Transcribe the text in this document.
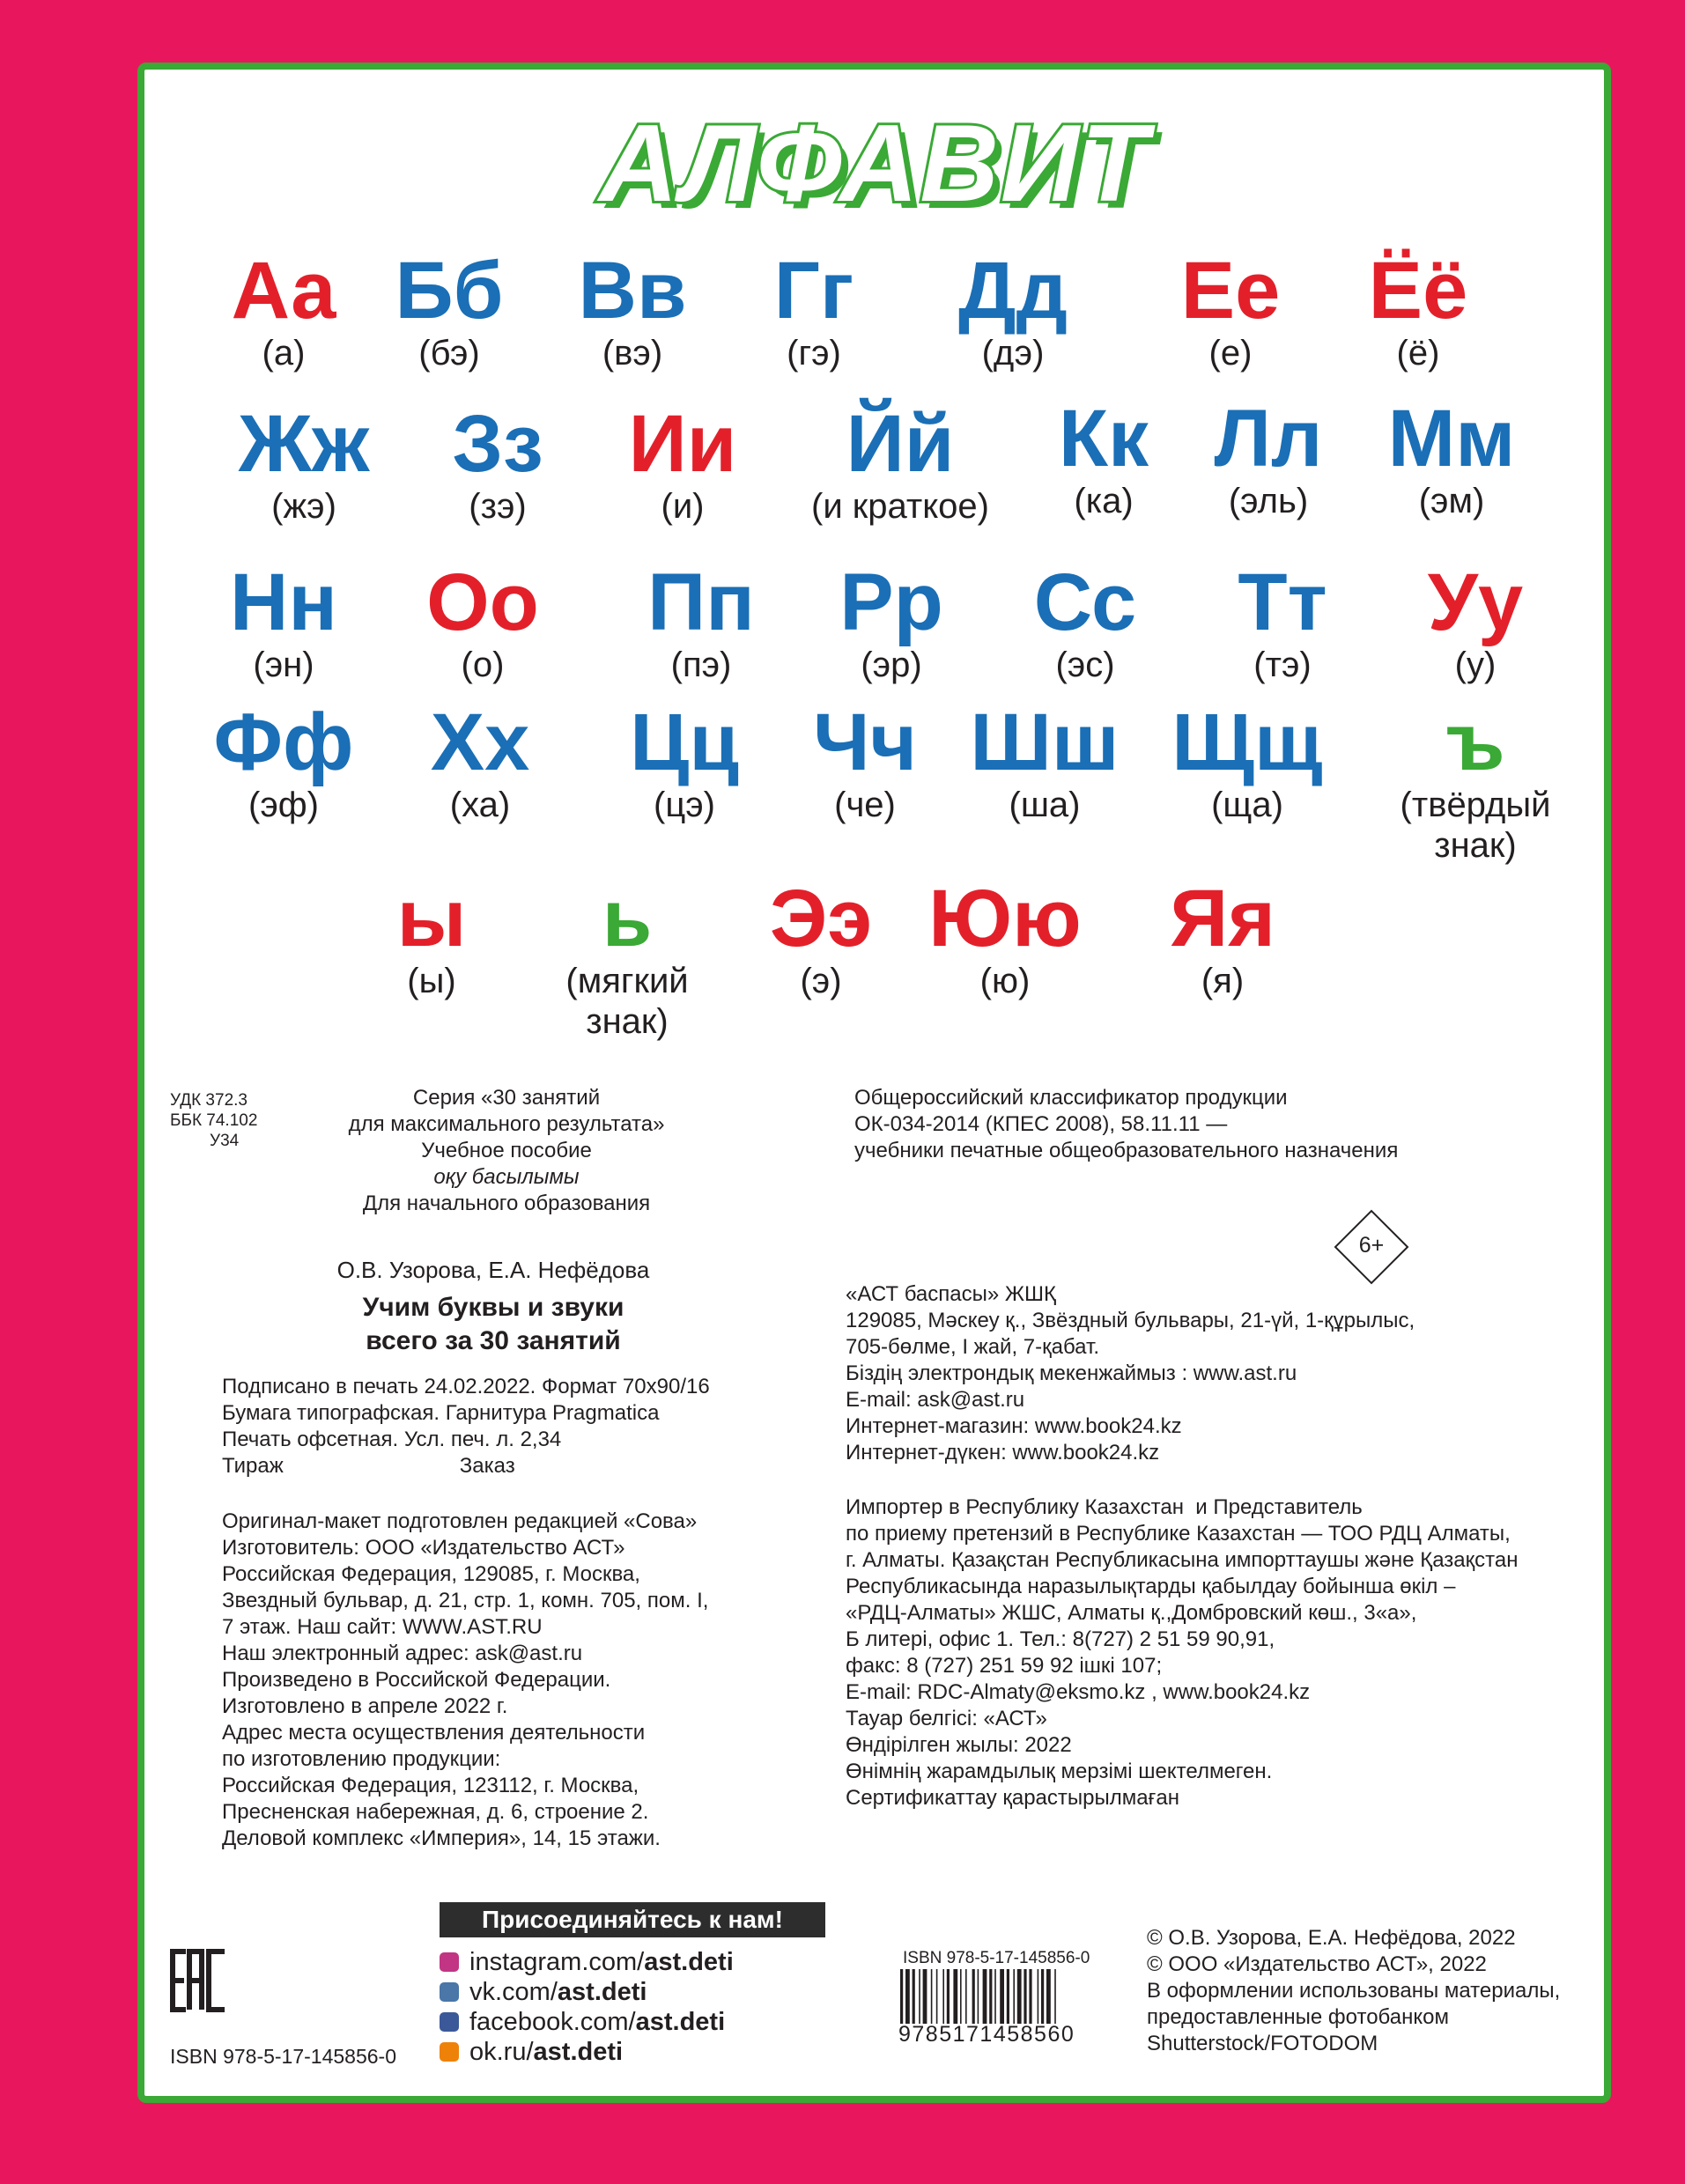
АЛФАВИТ
Аа
(а)
Бб
(бэ)
Вв
(вэ)
Гг
(гэ)
Дд
(дэ)
Ее
(е)
Ёё
(ё)
Жж
(жэ)
Зз
(зэ)
Ии
(и)
Йй
(и краткое)
Кк
(ка)
Лл
(эль)
Мм
(эм)
Нн
(эн)
Оо
(о)
Пп
(пэ)
Рр
(эр)
Сс
(эс)
Тт
(тэ)
Уу
(у)
Фф
(эф)
Хх
(ха)
Цц
(цэ)
Чч
(че)
Шш
(ша)
Щщ
(ща)
ъ
(твёрдый
знак)
ы
(ы)
ь
(мягкий
знак)
Ээ
(э)
Юю
(ю)
Яя
(я)
УДК 372.3
ББК 74.102
У34
Серия «30 занятий
для максимального результата»
Учебное пособие
оқу басылымы
Для начального образования
Общероссийский классификатор продукции
ОК-034-2014 (КПЕС 2008), 58.11.11 —
учебники печатные общеобразовательного назначения
О.В. Узорова, Е.А. Нефёдова
Учим буквы и звуки
всего за 30 занятий
Подписано в печать 24.02.2022. Формат 70х90/16
Бумага типографская. Гарнитура Pragmatica
Печать офсетная. Усл. печ. л. 2,34
Тираж                              Заказ
Оригинал-макет подготовлен редакцией «Сова»
Изготовитель: ООО «Издательство АСТ»
Российская Федерация, 129085, г. Москва,
Звездный бульвар, д. 21, стр. 1, комн. 705, пом. I,
7 этаж. Наш сайт: WWW.AST.RU
Наш электронный адрес: ask@ast.ru
Произведено в Российской Федерации.
Изготовлено в апреле 2022 г.
Адрес места осуществления деятельности
по изготовлению продукции:
Российская Федерация, 123112, г. Москва,
Пресненская набережная, д. 6, строение 2.
Деловой комплекс «Империя», 14, 15 этажи.
«АСТ баспасы» ЖШҚ
129085, Мәскеу қ., Звёздный бульвары, 21-үй, 1-құрылыс,
705-бөлме, I жай, 7-қабат.
Біздің электрондық мекенжаймыз : www.ast.ru
E-mail: ask@ast.ru
Интернет-магазин: www.book24.kz
Интернет-дүкен: www.book24.kz
6+
Импортер в Республику Казахстан  и Представитель
по приему претензий в Республике Казахстан — ТОО РДЦ Алматы,
г. Алматы. Қазақстан Республикасына импорттаушы және Қазақстан
Республикасында наразылықтарды қабылдау бойынша өкіл –
«РДЦ-Алматы» ЖШС, Алматы қ.,Домбровский көш., 3«а»,
Б литері, офис 1. Тел.: 8(727) 2 51 59 90,91,
факс: 8 (727) 251 59 92 ішкі 107;
E-mail: RDC-Almaty@eksmo.kz , www.book24.kz
Тауар белгісі: «АСТ»
Өндірілген жылы: 2022
Өнімнің жарамдылық мерзімі шектелмеген.
Сертификаттау қарастырылмаған
Присоединяйтесь к нам!
instagram.com/ ast.deti
vk.com/ ast.deti
facebook.com/ ast.deti
ok.ru/ ast.deti
ISBN 978-5-17-145856-0
ISBN 978-5-17-145856-0
9785171458560
© О.В. Узорова, Е.А. Нефёдова, 2022
© ООО «Издательство АСТ», 2022
В оформлении использованы материалы,
предоставленные фотобанком
Shutterstock/FOTODOM
